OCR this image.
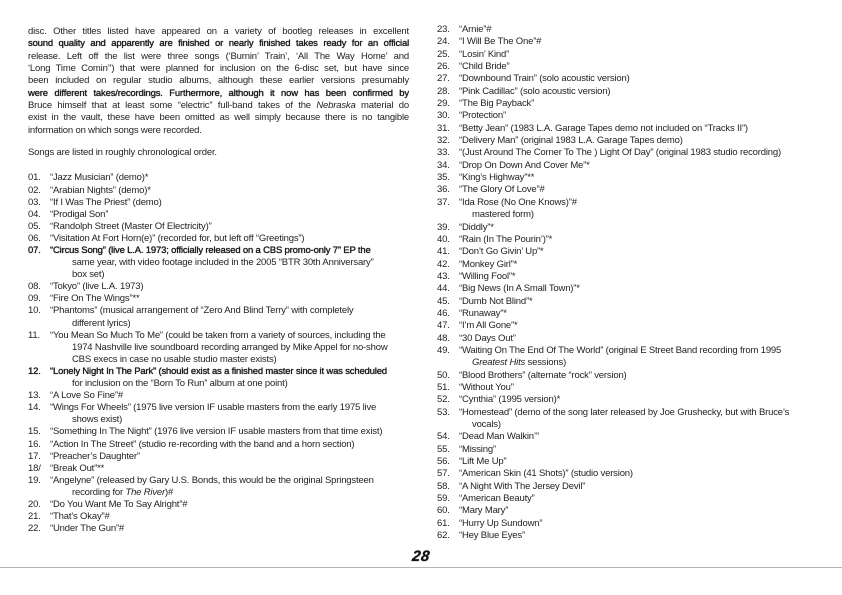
disc. Other titles listed have appeared on a variety of bootleg releases in excellent
sound quality and apparently are finished or nearly finished takes ready for an official
release. Left off the list were three songs (‘Burnin’ Train’, ‘All The Way Home’ and
‘Long Time Comin’’) that were planned for inclusion on the 6-disc set, but have since
been included on regular studio albums, although these earlier versions presumably
were different takes/recordings. Furthermore, although it now has been confirmed by
Bruce himself that at least some “electric” full-band takes of the Nebraska material do
exist in the vault, these have been omitted as well simply because there is no tangible
information on which songs were recorded.
Songs are listed in roughly chronological order.
01. “Jazz Musician” (demo)*
02. “Arabian Nights” (demo)*
03. “If I Was The Priest” (demo)
04. “Prodigal Son”
05. “Randolph Street (Master Of Electricity)”
06. “Visitation At Fort Horn(e)” (recorded for, but left off “Greetings”)
07. “Circus Song” (live L.A. 1973; officially released on a CBS promo-only 7” EP the
same year, with video footage included in the 2005 “BTR 30th Anniversary”
box set)
08. “Tokyo” (live L.A. 1973)
09. “Fire On The Wings”**
10. “Phantoms” (musical arrangement of “Zero And Blind Terry” with completely
different lyrics)
11. “You Mean So Much To Me” (could be taken from a variety of sources, including the
1974 Nashville live soundboard recording arranged by Mike Appel for no-show
CBS execs in case no usable studio master exists)
12. “Lonely Night In The Park” (should exist as a finished master since it was scheduled
for inclusion on the “Born To Run” album at one point)
13. “A Love So Fine”#
14. “Wings For Wheels” (1975 live version IF usable masters from the early 1975 live
shows exist)
15. “Something In The Night” (1976 live version IF usable masters from that time exist)
16. “Action In The Street” (studio re-recording with the band and a horn section)
17. “Preacher’s Daughter”
18/ “Break Out”**
19. “Angelyne” (released by Gary U.S. Bonds, this would be the original Springsteen
recording for The River)#
20. “Do You Want Me To Say Alright”#
21. “That’s Okay”#
22. “Under The Gun”#
23. “Arnie”#
24. “I Will Be The One”#
25. “Losin’ Kind”
26. “Child Bride”
27. “Downbound Train” (solo acoustic version)
28. “Pink Cadillac” (solo acoustic version)
29. “The Big Payback”
30. “Protection”
31. “Betty Jean” (1983 L.A. Garage Tapes demo not included on “Tracks II”)
32. “Delivery Man” (original 1983 L.A. Garage Tapes demo)
33. “(Just Around The Corner To The ) Light Of Day” (original 1983 studio recording)
34. “Drop On Down And Cover Me”*
35. “King’s Highway”**
36. “The Glory Of Love”#
37. “Ida Rose (No One Knows)”#
mastered form)
39. “Diddly”*
40. “Rain (In The Pourin’)”*
41. “Don’t Go Givin’ Up”*
42. “Monkey Girl”*
43. “Willing Fool”*
44. “Big News (In A Small Town)”*
45. “Dumb Not Blind”*
46. “Runaway”*
47. “I’m All Gone”*
48. “30 Days Out”
49. “Waiting On The End Of The World” (original E Street Band recording from 1995
Greatest Hits sessions)
50. “Blood Brothers” (alternate “rock” version)
51. “Without You”
52. “Cynthia” (1995 version)*
53. “Homestead” (demo of the song later released by Joe Grushecky, but with Bruce’s
vocals)
54. “Dead Man Walkin’”
55. “Missing”
56. “Lift Me Up”
57. “American Skin (41 Shots)” (studio version)
58. “A Night With The Jersey Devil”
59. “American Beauty”
60. “Mary Mary”
61. “Hurry Up Sundown”
62. “Hey Blue Eyes”
28
